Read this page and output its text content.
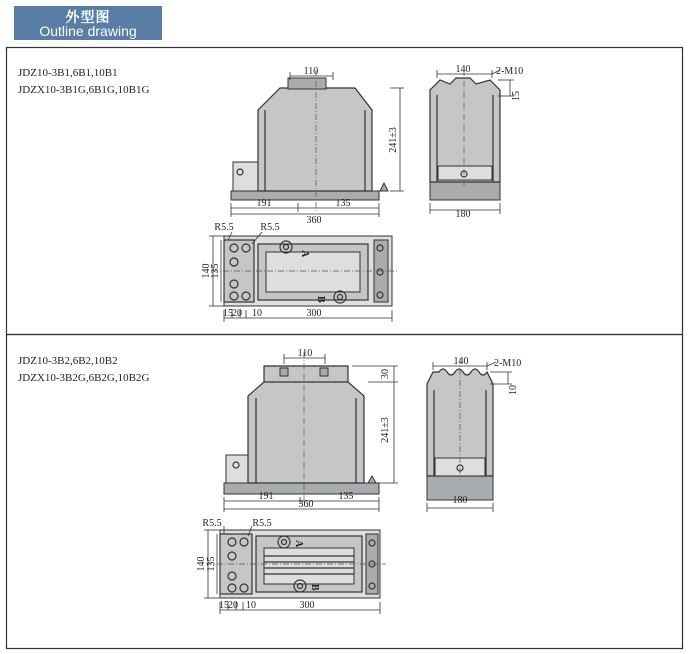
外型图
Outline drawing
JDZ10-3B1,6B1,10B1
JDZX10-3B1G,6B1G,10B1G
110
241±3
191	135
360
140	2-M10
15
180
R5.5	R5.5
140
135
15 20 10	300
A
B
JDZ10-3B2,6B2,10B2
JDZX10-3B2G,6B2G,10B2G
110
30
241±3
191	135
360
140	2-M10
10
180
R5.5	R5.5
140 135
15 20 10	300
A
B
